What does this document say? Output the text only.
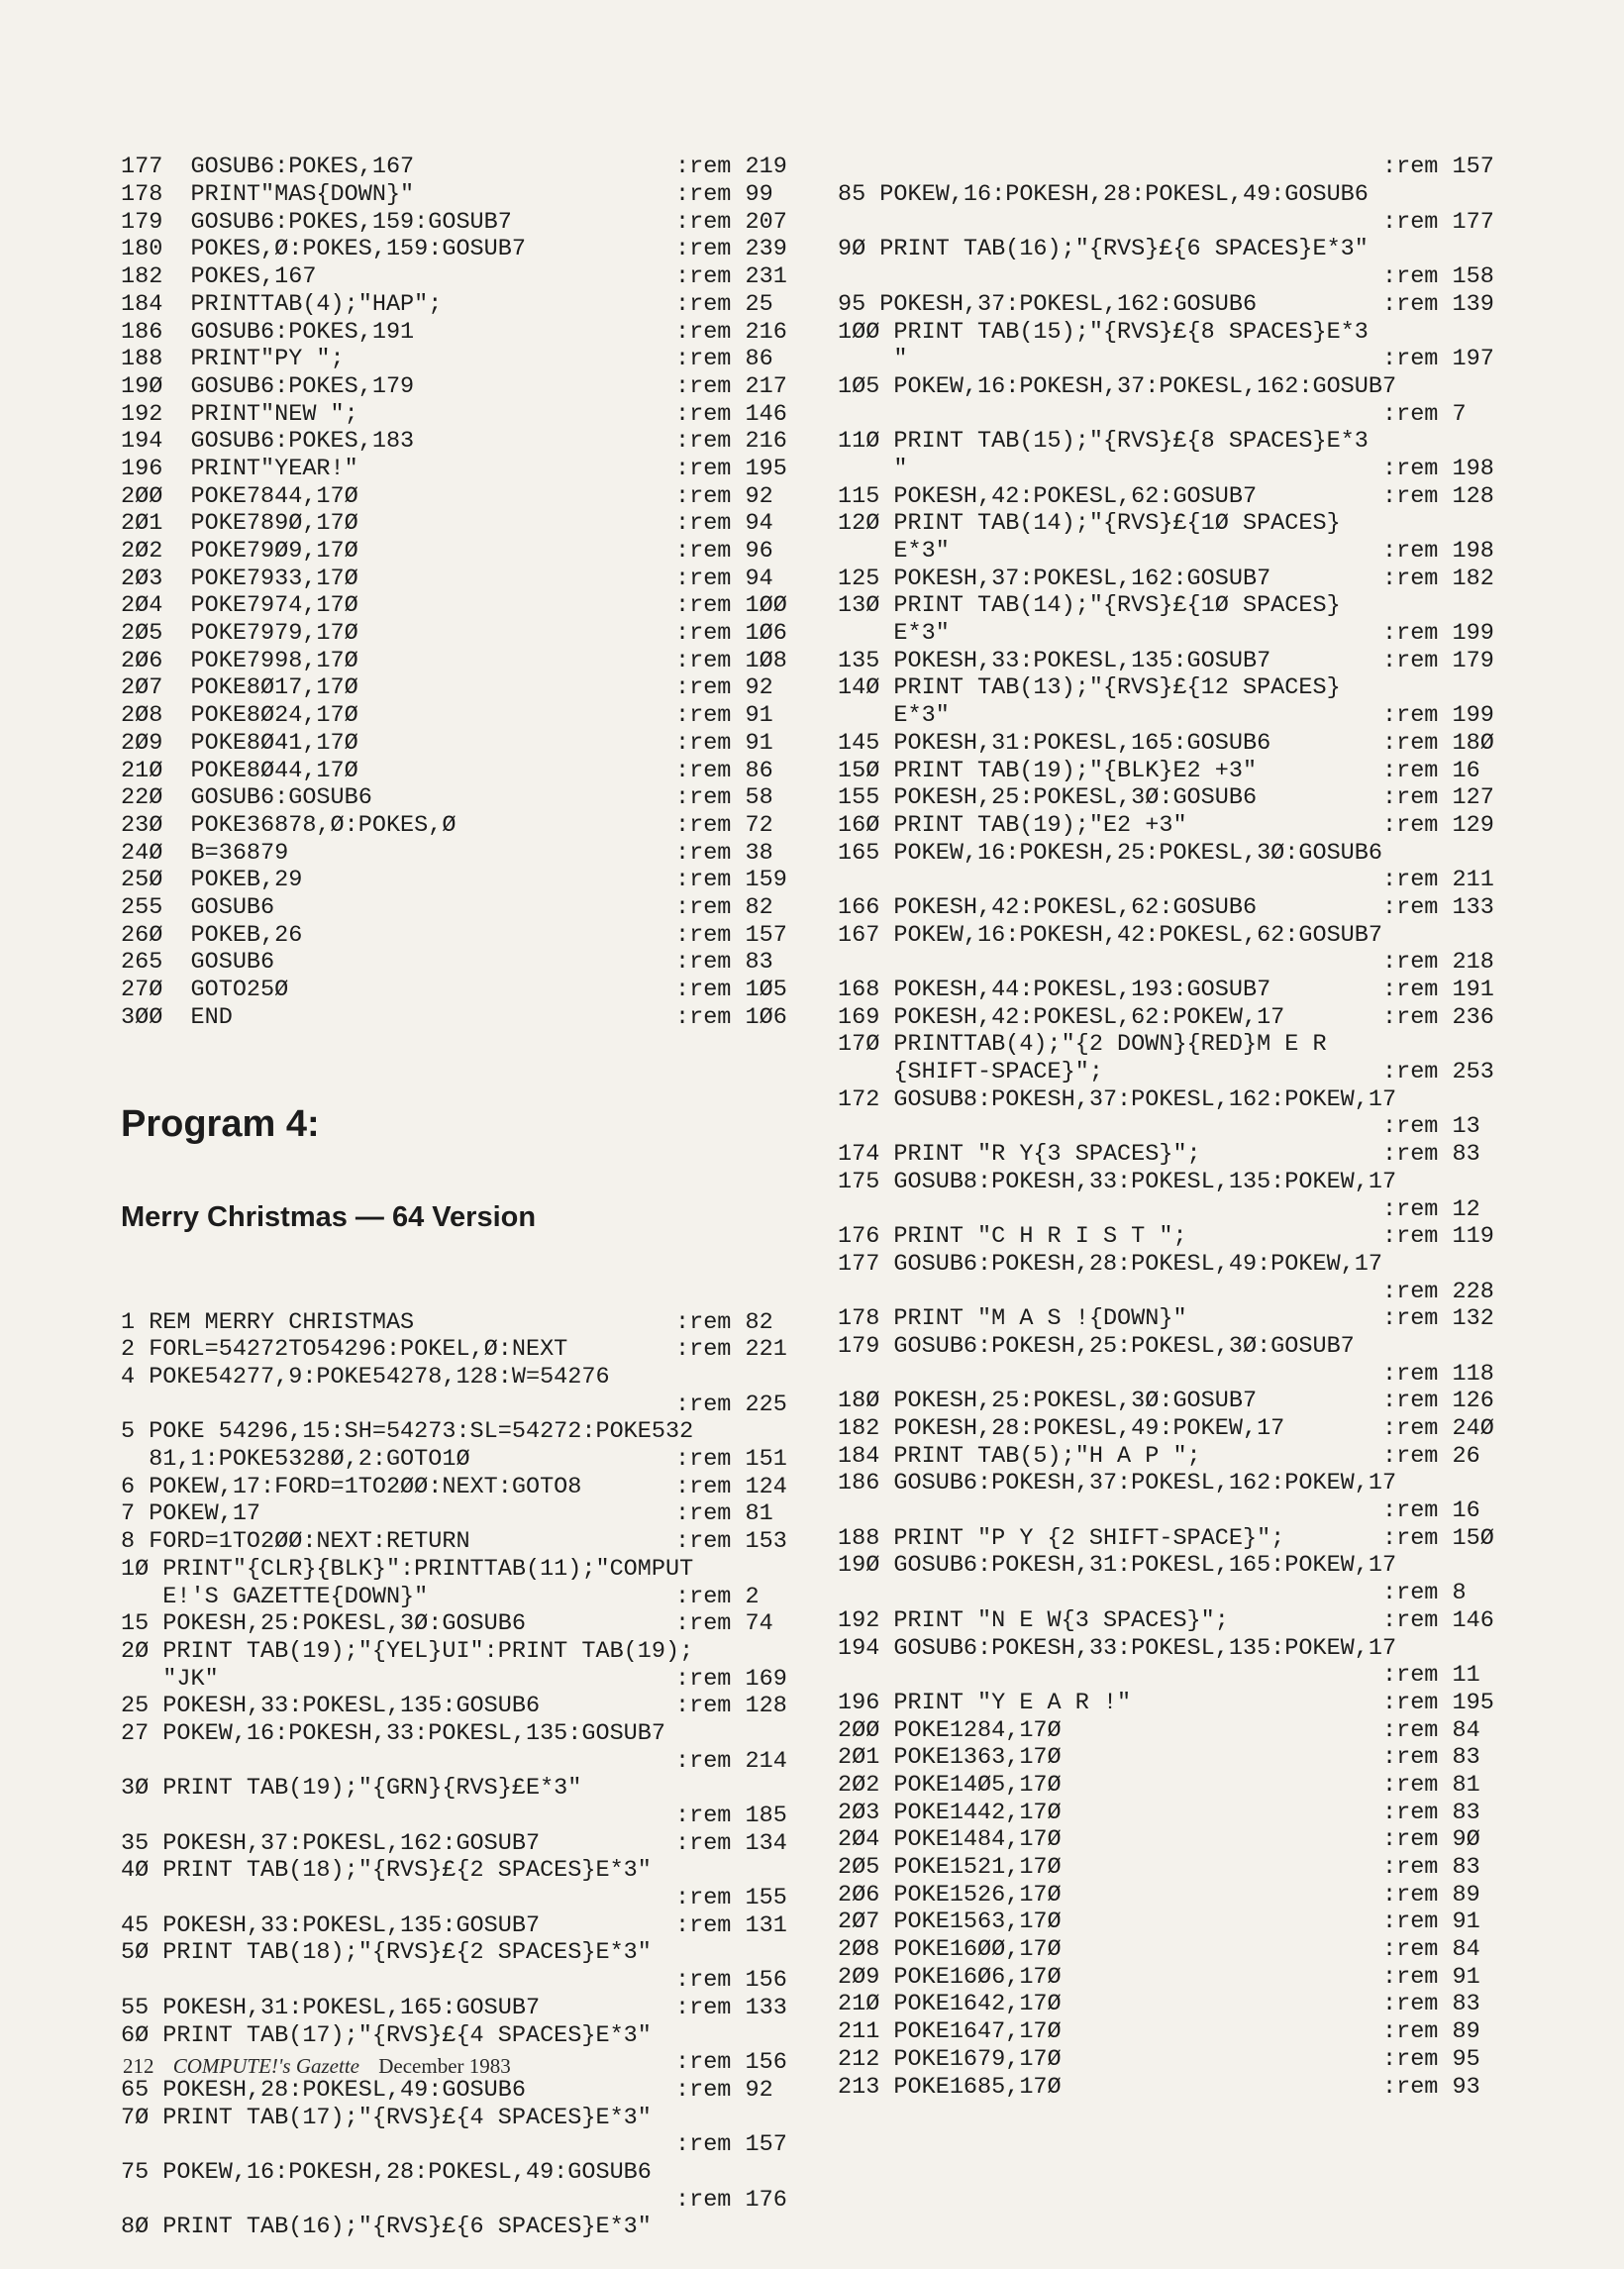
177  GOSUB6:POKES,167	:rem 219
178  PRINT"MAS{DOWN}"	:rem 99
179  GOSUB6:POKES,159:GOSUB7	:rem 207
180  POKES,Ø:POKES,159:GOSUB7	:rem 239
182  POKES,167	:rem 231
184  PRINTTAB(4);"HAP";	:rem 25
186  GOSUB6:POKES,191	:rem 216
188  PRINT"PY ";	:rem 86
19Ø  GOSUB6:POKES,179	:rem 217
192  PRINT"NEW ";	:rem 146
194  GOSUB6:POKES,183	:rem 216
196  PRINT"YEAR!"	:rem 195
2ØØ  POKE7844,17Ø	:rem 92
2Ø1  POKE789Ø,17Ø	:rem 94
2Ø2  POKE79Ø9,17Ø	:rem 96
2Ø3  POKE7933,17Ø	:rem 94
2Ø4  POKE7974,17Ø	:rem 1ØØ
2Ø5  POKE7979,17Ø	:rem 1Ø6
2Ø6  POKE7998,17Ø	:rem 1Ø8
2Ø7  POKE8Ø17,17Ø	:rem 92
2Ø8  POKE8Ø24,17Ø	:rem 91
2Ø9  POKE8Ø41,17Ø	:rem 91
21Ø  POKE8Ø44,17Ø	:rem 86
22Ø  GOSUB6:GOSUB6	:rem 58
23Ø  POKE36878,Ø:POKES,Ø	:rem 72
24Ø  B=36879	:rem 38
25Ø  POKEB,29	:rem 159
255  GOSUB6	:rem 82
26Ø  POKEB,26	:rem 157
265  GOSUB6	:rem 83
27Ø  GOTO25Ø	:rem 1Ø5
3ØØ  END	:rem 1Ø6

Program 4:

Merry Christmas — 64 Version

1 REM MERRY CHRISTMAS	:rem 82
2 FORL=54272TO54296:POKEL,Ø:NEXT	:rem 221
4 POKE54277,9:POKE54278,128:W=54276
:rem 225
5 POKE 54296,15:SH=54273:SL=54272:POKE532
81,1:POKE5328Ø,2:GOTO1Ø	:rem 151
6 POKEW,17:FORD=1TO2ØØ:NEXT:GOTO8	:rem 124
7 POKEW,17	:rem 81
8 FORD=1TO2ØØ:NEXT:RETURN	:rem 153
1Ø PRINT"{CLR}{BLK}":PRINTTAB(11);"COMPUT
E!'S GAZETTE{DOWN}"	:rem 2
15 POKESH,25:POKESL,3Ø:GOSUB6	:rem 74
2Ø PRINT TAB(19);"{YEL}UI":PRINT TAB(19);
"JK"	:rem 169
25 POKESH,33:POKESL,135:GOSUB6	:rem 128
27 POKEW,16:POKESH,33:POKESL,135:GOSUB7
:rem 214
3Ø PRINT TAB(19);"{GRN}{RVS}£E*3"
:rem 185
35 POKESH,37:POKESL,162:GOSUB7	:rem 134
4Ø PRINT TAB(18);"{RVS}£{2 SPACES}E*3"
:rem 155
45 POKESH,33:POKESL,135:GOSUB7	:rem 131
5Ø PRINT TAB(18);"{RVS}£{2 SPACES}E*3"
:rem 156
55 POKESH,31:POKESL,165:GOSUB7	:rem 133
6Ø PRINT TAB(17);"{RVS}£{4 SPACES}E*3"
:rem 156
65 POKESH,28:POKESL,49:GOSUB6	:rem 92
7Ø PRINT TAB(17);"{RVS}£{4 SPACES}E*3"
:rem 157
75 POKEW,16:POKESH,28:POKESL,49:GOSUB6
:rem 176
8Ø PRINT TAB(16);"{RVS}£{6 SPACES}E*3"

:rem 157
85 POKEW,16:POKESH,28:POKESL,49:GOSUB6
:rem 177
9Ø PRINT TAB(16);"{RVS}£{6 SPACES}E*3"
:rem 158
95 POKESH,37:POKESL,162:GOSUB6	:rem 139
1ØØ PRINT TAB(15);"{RVS}£{8 SPACES}E*3
"	:rem 197
1Ø5 POKEW,16:POKESH,37:POKESL,162:GOSUB7
:rem 7
11Ø PRINT TAB(15);"{RVS}£{8 SPACES}E*3
"	:rem 198
115 POKESH,42:POKESL,62:GOSUB7	:rem 128
12Ø PRINT TAB(14);"{RVS}£{1Ø SPACES}
E*3"	:rem 198
125 POKESH,37:POKESL,162:GOSUB7	:rem 182
13Ø PRINT TAB(14);"{RVS}£{1Ø SPACES}
E*3"	:rem 199
135 POKESH,33:POKESL,135:GOSUB7	:rem 179
14Ø PRINT TAB(13);"{RVS}£{12 SPACES}
E*3"	:rem 199
145 POKESH,31:POKESL,165:GOSUB6	:rem 18Ø
15Ø PRINT TAB(19);"{BLK}E2 +3"	:rem 16
155 POKESH,25:POKESL,3Ø:GOSUB6	:rem 127
16Ø PRINT TAB(19);"E2 +3"	:rem 129
165 POKEW,16:POKESH,25:POKESL,3Ø:GOSUB6
:rem 211
166 POKESH,42:POKESL,62:GOSUB6	:rem 133
167 POKEW,16:POKESH,42:POKESL,62:GOSUB7
:rem 218
168 POKESH,44:POKESL,193:GOSUB7	:rem 191
169 POKESH,42:POKESL,62:POKEW,17	:rem 236
17Ø PRINTTAB(4);"{2 DOWN}{RED}M E R
{SHIFT-SPACE}";	:rem 253
172 GOSUB8:POKESH,37:POKESL,162:POKEW,17
:rem 13
174 PRINT "R Y{3 SPACES}";	:rem 83
175 GOSUB8:POKESH,33:POKESL,135:POKEW,17
:rem 12
176 PRINT "C H R I S T ";	:rem 119
177 GOSUB6:POKESH,28:POKESL,49:POKEW,17
:rem 228
178 PRINT "M A S !{DOWN}"	:rem 132
179 GOSUB6:POKESH,25:POKESL,3Ø:GOSUB7
:rem 118
18Ø POKESH,25:POKESL,3Ø:GOSUB7	:rem 126
182 POKESH,28:POKESL,49:POKEW,17	:rem 24Ø
184 PRINT TAB(5);"H A P ";	:rem 26
186 GOSUB6:POKESH,37:POKESL,162:POKEW,17
:rem 16
188 PRINT "P Y {2 SHIFT-SPACE}";	:rem 15Ø
19Ø GOSUB6:POKESH,31:POKESL,165:POKEW,17
:rem 8
192 PRINT "N E W{3 SPACES}";	:rem 146
194 GOSUB6:POKESH,33:POKESL,135:POKEW,17
:rem 11
196 PRINT "Y E A R !"	:rem 195
2ØØ POKE1284,17Ø	:rem 84
2Ø1 POKE1363,17Ø	:rem 83
2Ø2 POKE14Ø5,17Ø	:rem 81
2Ø3 POKE1442,17Ø	:rem 83
2Ø4 POKE1484,17Ø	:rem 9Ø
2Ø5 POKE1521,17Ø	:rem 83
2Ø6 POKE1526,17Ø	:rem 89
2Ø7 POKE1563,17Ø	:rem 91
2Ø8 POKE16ØØ,17Ø	:rem 84
2Ø9 POKE16Ø6,17Ø	:rem 91
21Ø POKE1642,17Ø	:rem 83
211 POKE1647,17Ø	:rem 89
212 POKE1679,17Ø	:rem 95
213 POKE1685,17Ø	:rem 93

212 COMPUTE!'s Gazette December 1983
